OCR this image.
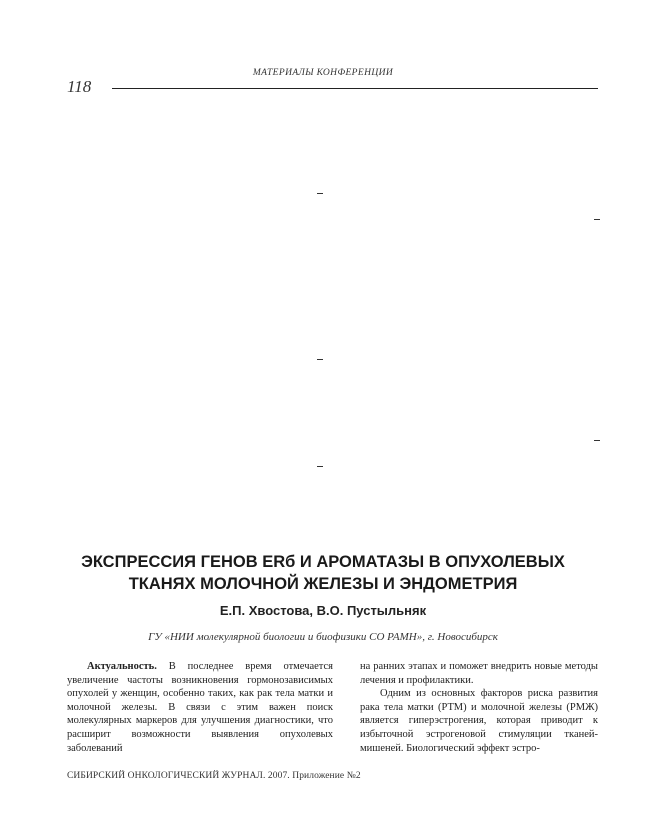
МАТЕРИАЛЫ КОНФЕРЕНЦИИ
118
ЭКСПРЕССИЯ ГЕНОВ ERб И АРОМАТАЗЫ В ОПУХОЛЕВЫХ
ТКАНЯХ МОЛОЧНОЙ ЖЕЛЕЗЫ И ЭНДОМЕТРИЯ
Е.П. Хвостова, В.О. Пустыльняк
ГУ «НИИ молекулярной биологии и биофизики СО РАМН», г. Новосибирск

Актуальность. В последнее время отмечается увеличение частоты возникновения гормонозависимых опухолей у женщин, особенно таких, как рак тела матки и молочной железы. В связи с этим важен поиск молекулярных маркеров для улучшения диагностики, что расширит возможности выявления опухолевых заболеваний

на ранних этапах и поможет внедрить новые методы лечения и профилактики.

Одним из основных факторов риска развития рака тела матки (РТМ) и молочной железы (РМЖ) является гиперэстрогения, которая приводит к избыточной эстрогеновой стимуляции тканей-мишеней. Биологический эффект эстро-

СИБИРСКИЙ ОНКОЛОГИЧЕСКИЙ ЖУРНАЛ. 2007. Приложение №2
